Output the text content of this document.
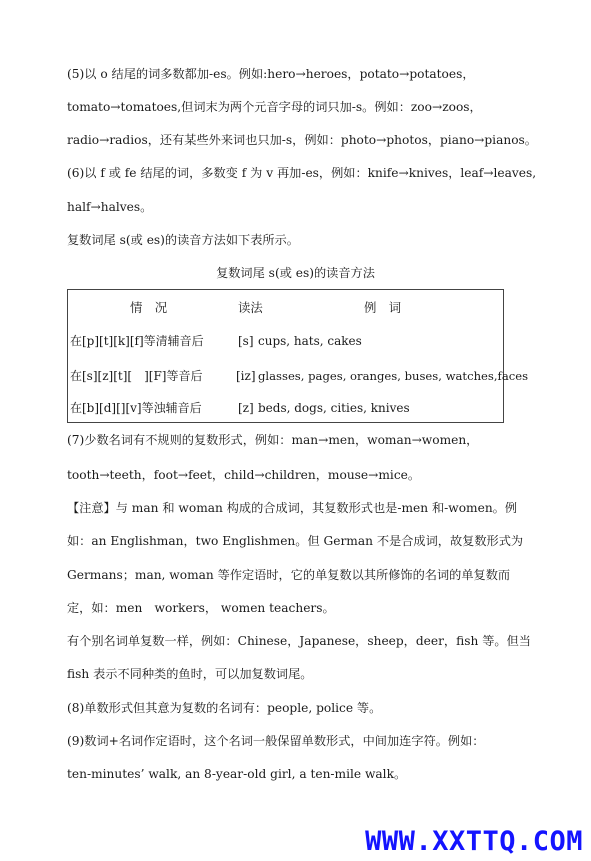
(5)以 o 结尾的词多数都加-es。例如:hero→heroes，potato→potatoes，
tomato→tomatoes,但词末为两个元音字母的词只加-s。例如：zoo→zoos，
radio→radios，还有某些外来词也只加-s，例如：photo→photos，piano→pianos。
(6)以 f 或 fe 结尾的词，多数变 f 为 v 再加-es，例如：knife→knives，leaf→leaves,
half→halves。
复数词尾 s(或 es)的读音方法如下表所示。
复数词尾 s(或 es)的读音方法
情　况	读法	例　词
在[p][t][k][f]等清辅音后	[s] cups, hats, cakes
在[s][z][t][　][F]等音后	[iz] glasses, pages, oranges, buses, watches,faces
在[b][d][][v]等浊辅音后	[z] beds, dogs, cities, knives
(7)少数名词有不规则的复数形式，例如：man→men，woman→women，
tooth→teeth，foot→feet，child→children，mouse→mice。
【注意】与 man 和 woman 构成的合成词，其复数形式也是-men 和-women。例
如：an Englishman，two Englishmen。但 German 不是合成词，故复数形式为
Germans；man, woman 等作定语时，它的单复数以其所修饰的名词的单复数而
定，如：men　workers， women teachers。
有个别名词单复数一样，例如：Chinese，Japanese，sheep，deer，fish 等。但当
fish 表示不同种类的鱼时，可以加复数词尾。
(8)单数形式但其意为复数的名词有：people, police 等。
(9)数词+名词作定语时，这个名词一般保留单数形式，中间加连字符。例如：
ten-minutes’ walk, an 8-year-old girl, a ten-mile walk。
WWW.XXTTQ.COM
